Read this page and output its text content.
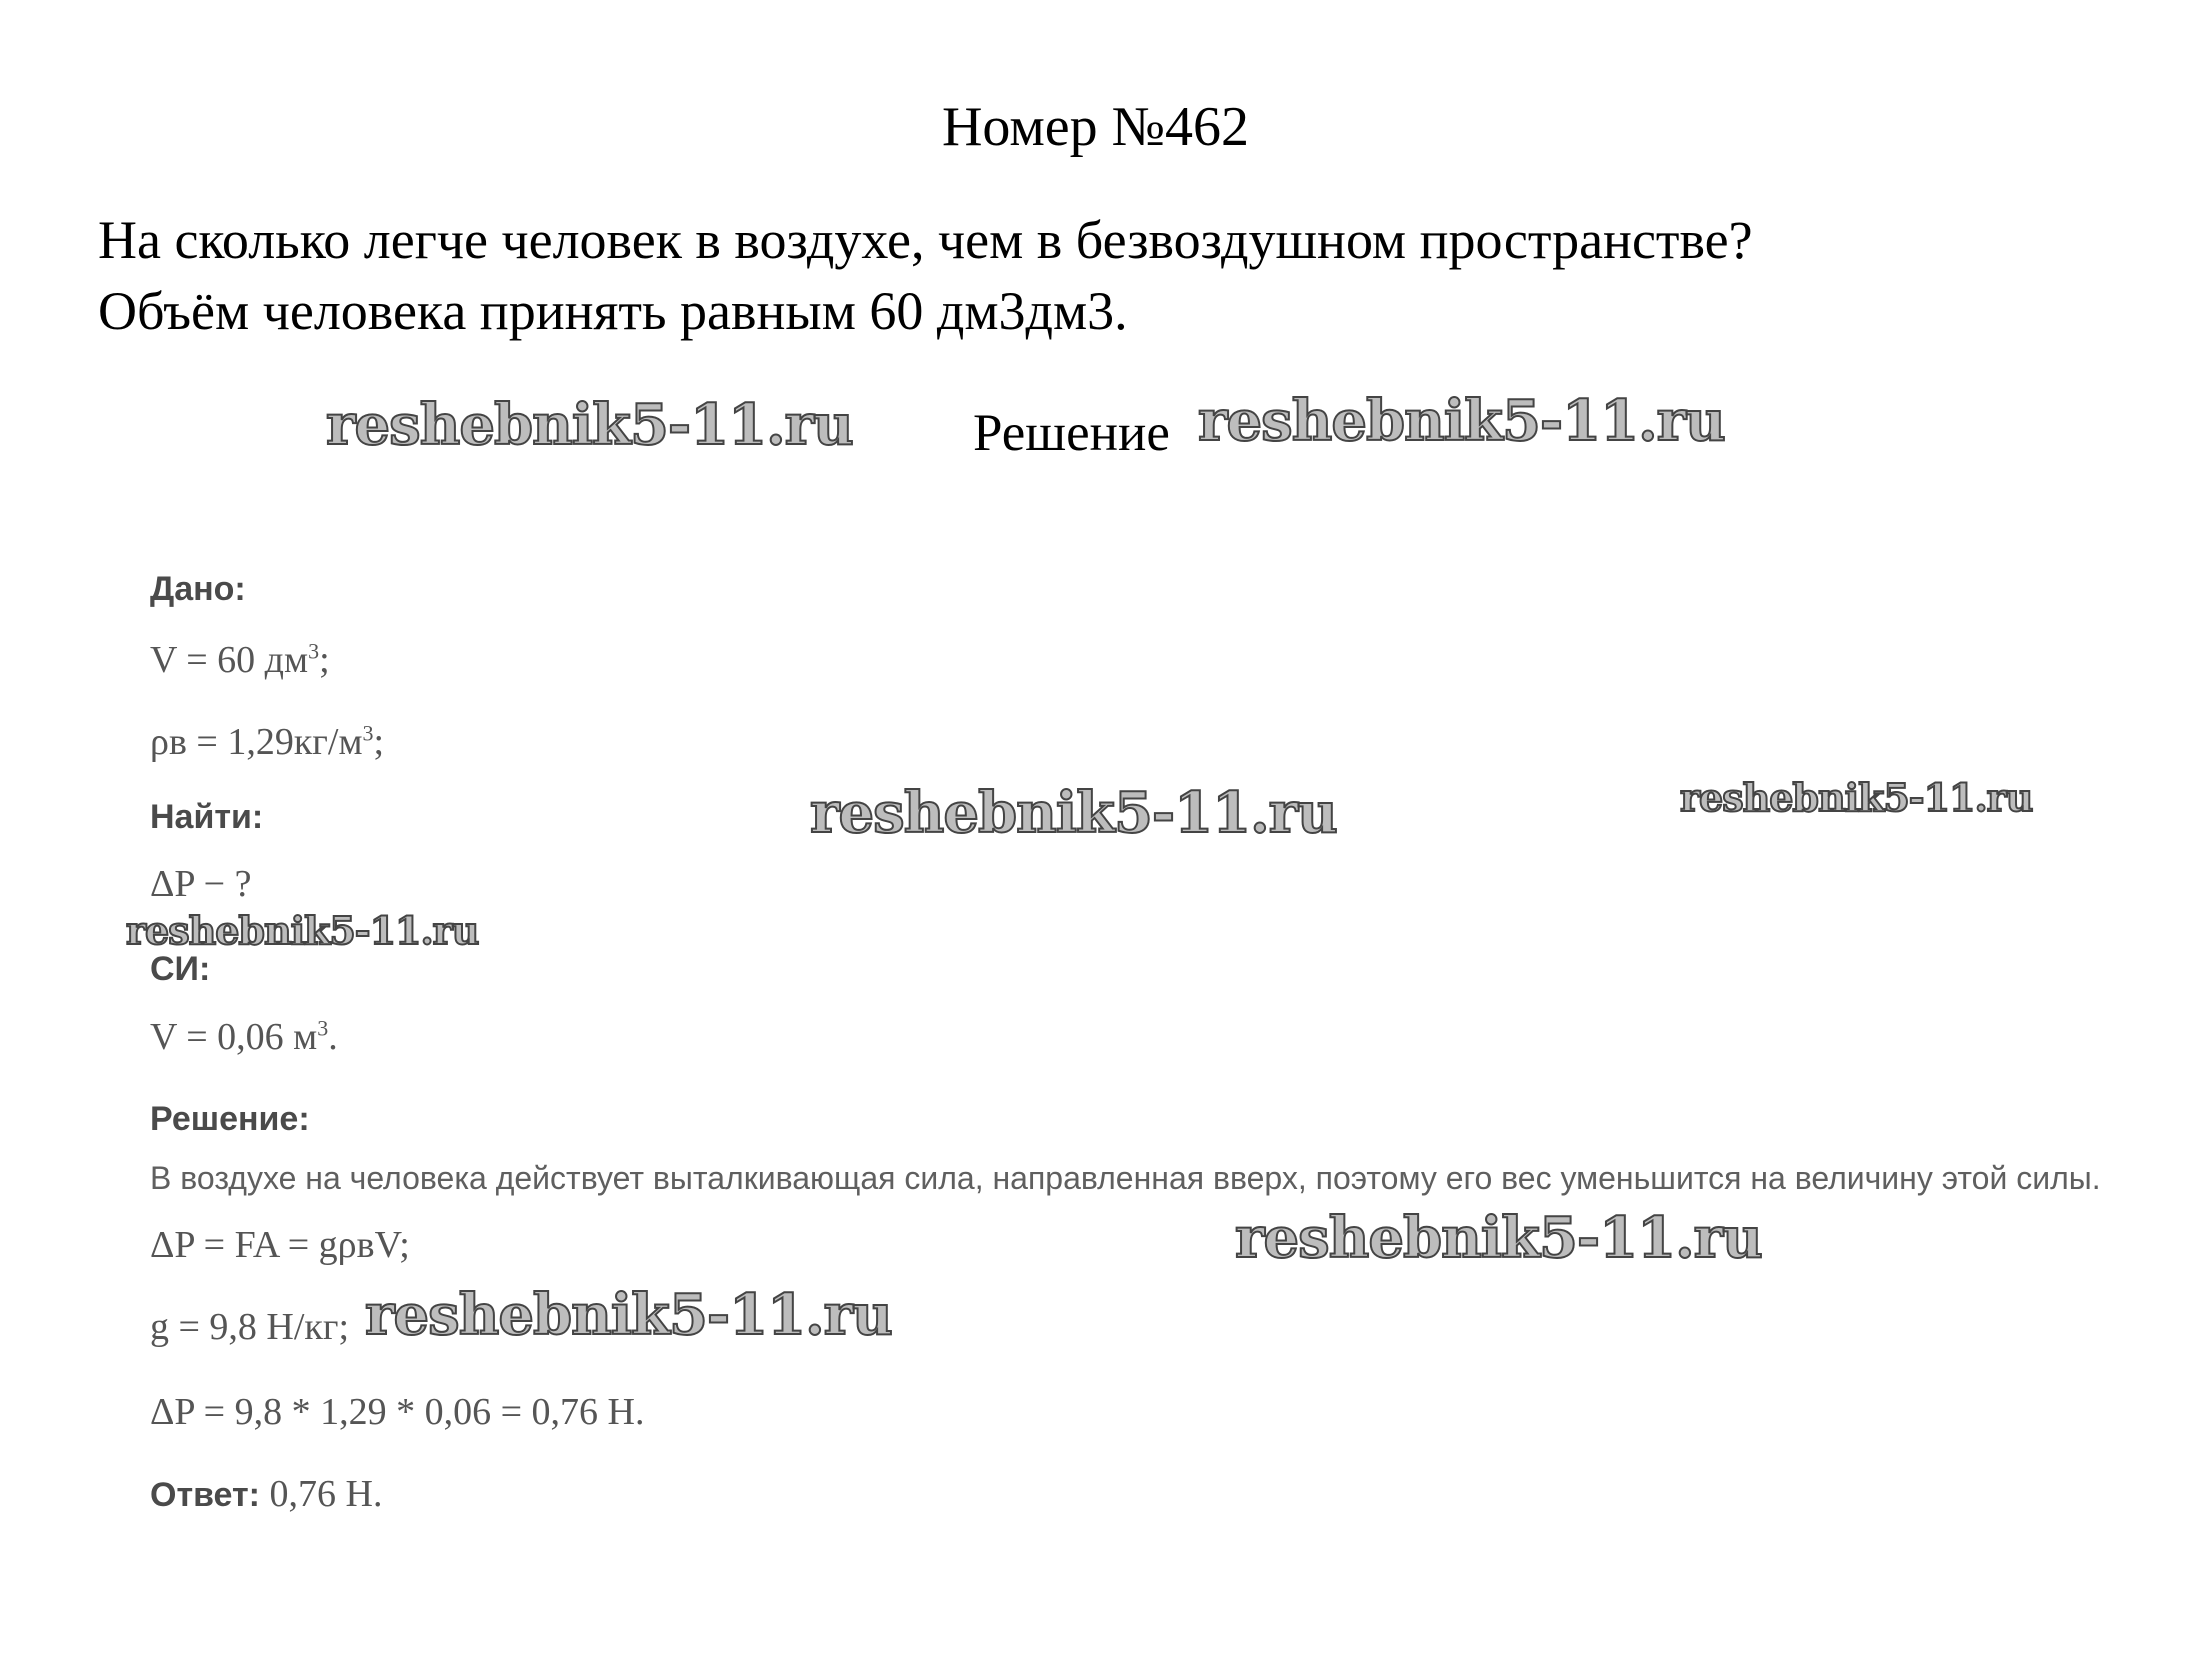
Номер №462
На сколько легче человек в воздухе, чем в безвоздушном пространстве?
Объём человека принять равным 60 дм3дм3.
Решение
reshebnik5-11.ru	reshebnik5-11.ru
reshebnik5-11.ru	reshebnik5-11.ru
reshebnik5-11.ru
reshebnik5-11.ru
reshebnik5-11.ru
Дано:
V = 60 $дм^3$;
$\rho в = 1,29кг/м^3$;
Найти:
ΔP − ?
СИ:
V = 0,06 $м^3$.
Решение:
В воздухе на человека действует выталкивающая сила, направленная вверх, поэтому его вес уменьшится на величину этой силы.
ΔP = FA = gρвV;
g = 9,8 Н/кг;
ΔP = 9,8 * 1,29 * 0,06 = 0,76 Н.
Ответ: 0,76 Н.
